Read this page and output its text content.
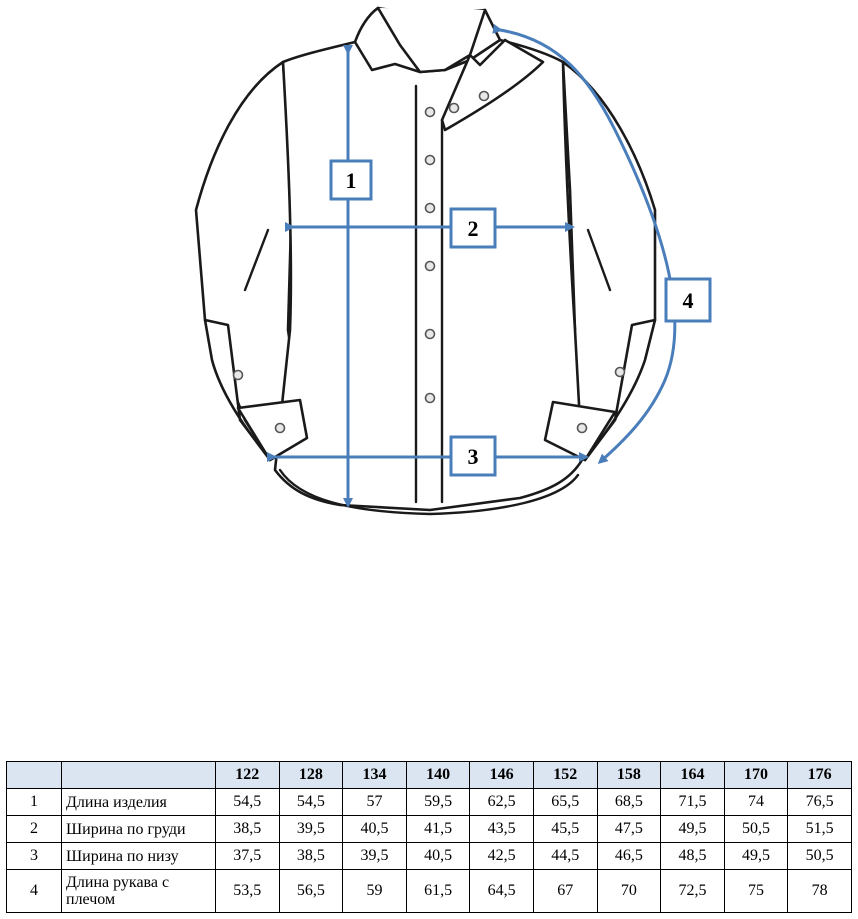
1
2
3
4
		122	128	134	140	146	152	158	164	170	176
1	Длина изделия	54,5	54,5	57	59,5	62,5	65,5	68,5	71,5	74	76,5
2	Ширина по груди	38,5	39,5	40,5	41,5	43,5	45,5	47,5	49,5	50,5	51,5
3	Ширина по низу	37,5	38,5	39,5	40,5	42,5	44,5	46,5	48,5	49,5	50,5
4	Длина рукава с плечом	53,5	56,5	59	61,5	64,5	67	70	72,5	75	78
